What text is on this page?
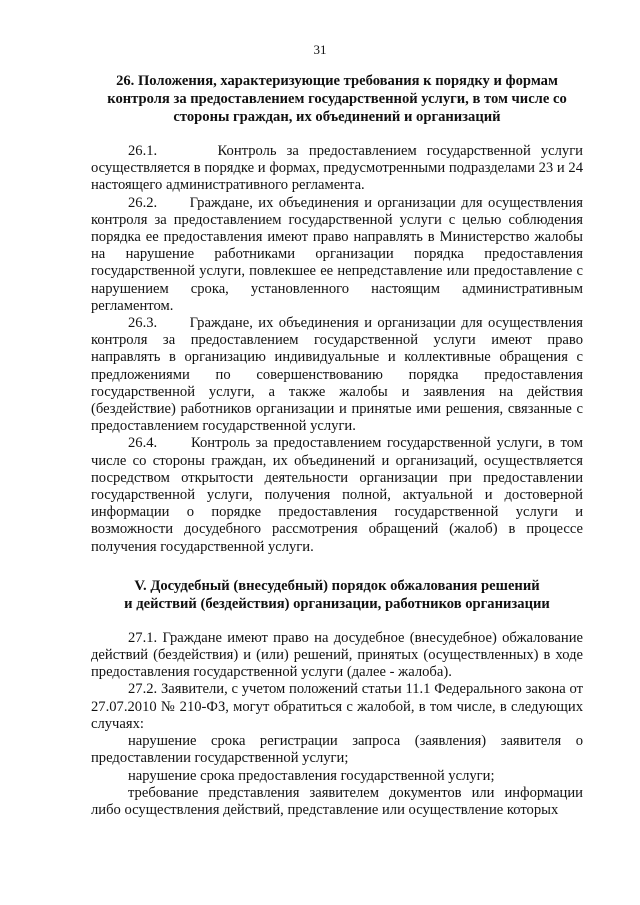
31
26. Положения, характеризующие требования к порядку и формам
контроля за предоставлением государственной услуги, в том числе со
стороны граждан, их объединений и организаций

26.1.      Контроль за предоставлением государственной услуги осуществляется в порядке и формах, предусмотренными подразделами 23 и 24 настоящего административного регламента.

26.2.      Граждане, их объединения и организации для осуществления контроля за предоставлением государственной услуги с целью соблюдения порядка ее предоставления имеют право направлять в Министерство жалобы на нарушение работниками организации порядка предоставления государственной услуги, повлекшее ее непредставление или предоставление с нарушением срока, установленного настоящим административным регламентом.

26.3.      Граждане, их объединения и организации для осуществления контроля за предоставлением государственной услуги имеют право направлять в организацию индивидуальные и коллективные обращения с предложениями по совершенствованию порядка предоставления государственной услуги, а также жалобы и заявления на действия (бездействие) работников организации и принятые ими решения, связанные с предоставлением государственной услуги.

26.4.      Контроль за предоставлением государственной услуги, в том числе со стороны граждан, их объединений и организаций, осуществляется посредством открытости деятельности организации при предоставлении государственной услуги, получения полной, актуальной и достоверной информации о порядке предоставления государственной услуги и возможности досудебного рассмотрения обращений (жалоб) в процессе получения государственной услуги.

V. Досудебный (внесудебный) порядок обжалования решений
и действий (бездействия) организации, работников организации

27.1. Граждане имеют право на досудебное (внесудебное) обжалование действий (бездействия) и (или) решений, принятых (осуществленных) в ходе предоставления государственной услуги (далее - жалоба).

27.2. Заявители, с учетом положений статьи 11.1 Федерального закона от 27.07.2010 № 210-ФЗ, могут обратиться с жалобой, в том числе, в следующих случаях:

нарушение срока регистрации запроса (заявления) заявителя о предоставлении государственной услуги;

нарушение срока предоставления государственной услуги;

требование представления заявителем документов или информации либо осуществления действий, представление или осуществление которых
